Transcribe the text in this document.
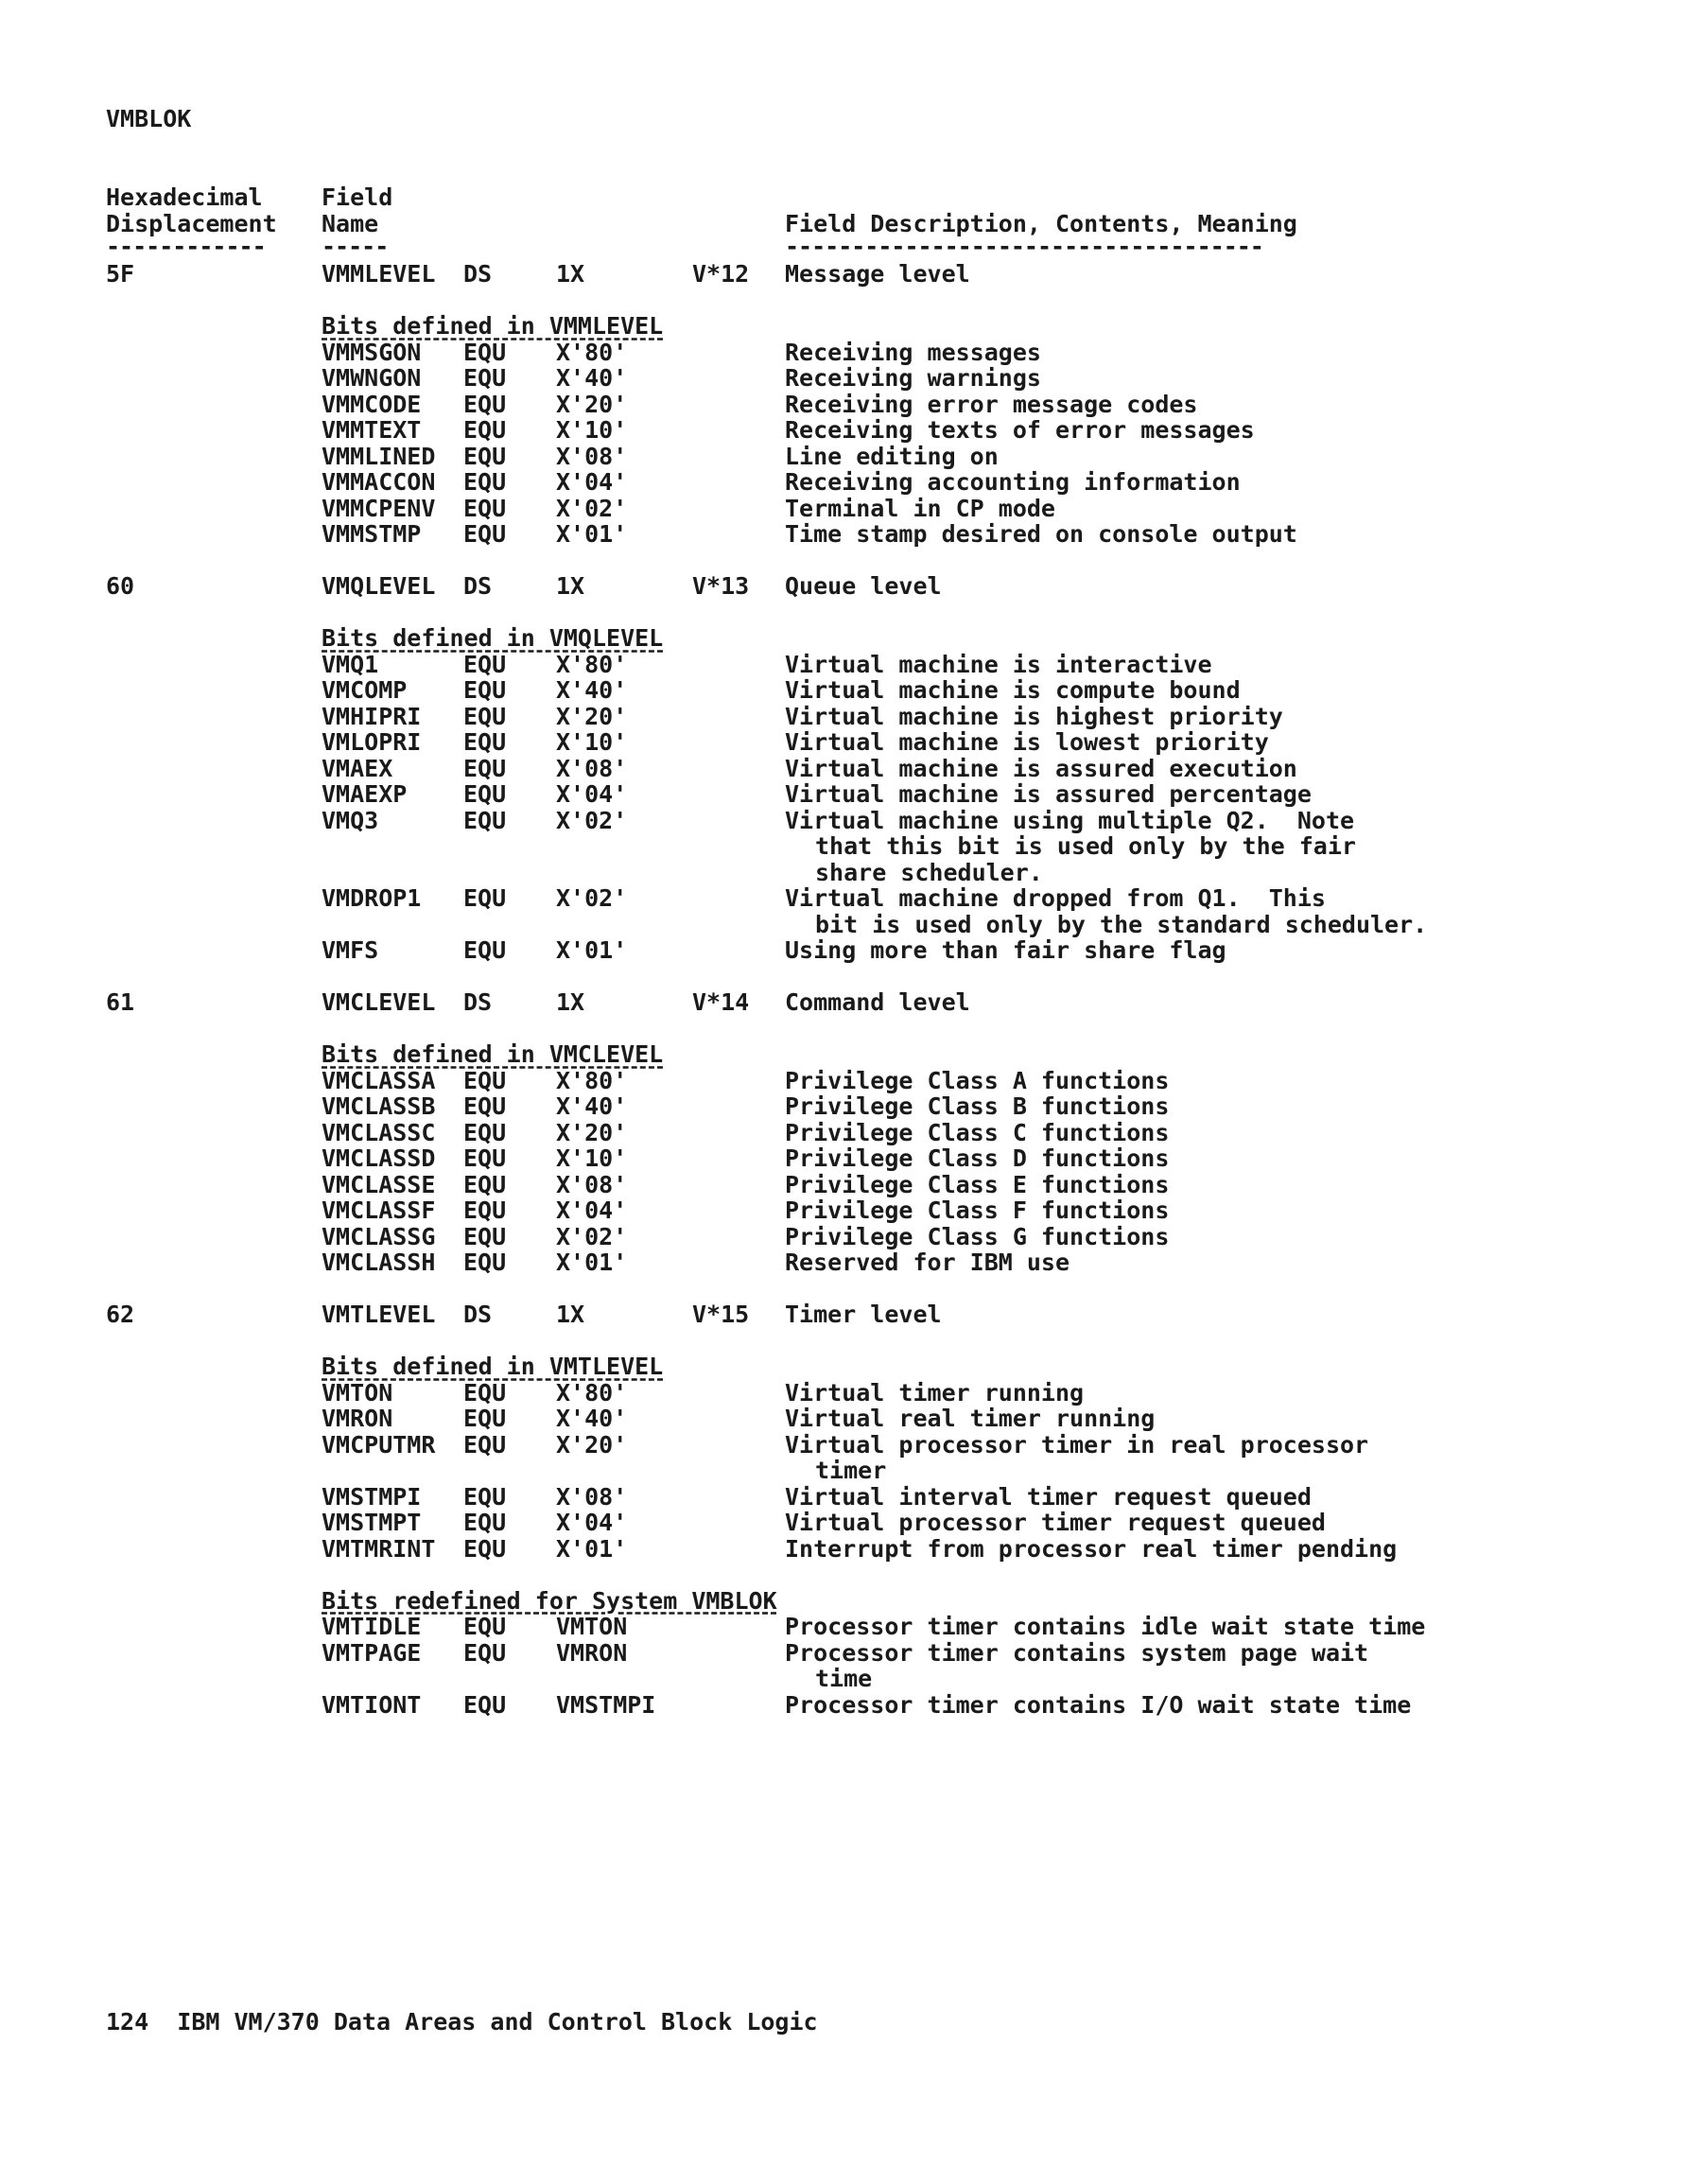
VMBLOK
Hexadecimal
Displacement
Field
Name	Field Description, Contents, Meaning
------------ -----	------------------------------------
5F	VMMLEVEL DS	1X	V*12 Message level
Bits defined in VMMLEVEL
VMMSGON EQU X'80'	Receiving messages
VMWNGON EQU X'40'	Receiving warnings
VMMCODE EQU X'20'	Receiving error message codes
VMMTEXT EQU X'10'	Receiving texts of error messages
VMMLINED EQU X'08'	Line editing on
VMMACCON EQU X'04'	Receiving accounting information
VMMCPENV EQU X'02'	Terminal in CP mode
VMMSTMP EQU X'01'	Time stamp desired on console output
60	VMQLEVEL DS	1X	V*13 Queue level
Bits defined in VMQLEVEL
VMQ1	EQU X'80'	Virtual machine is interactive
VMCOMP EQU X'40'	Virtual machine is compute bound
VMHIPRI EQU X'20'	Virtual machine is highest priority
VMLOPRI EQU X'10'	Virtual machine is lowest priority
VMAEX	EQU X'08'	Virtual machine is assured execution
VMAEXP EQU X'04'	Virtual machine is assured percentage
VMQ3	EQU X'02'	Virtual machine using multiple Q2.  Note
that this bit is used only by the fair
share scheduler.
VMDROP1 EQU X'02'	Virtual machine dropped from Q1.  This
bit is used only by the standard scheduler.
VMFS	EQU X'01'	Using more than fair share flag
61	VMCLEVEL DS	1X	V*14 Command level
Bits defined in VMCLEVEL
VMCLASSA EQU X'80'	Privilege Class A functions
VMCLASSB EQU X'40'	Privilege Class B functions
VMCLASSC EQU X'20'	Privilege Class C functions
VMCLASSD EQU X'10'	Privilege Class D functions
VMCLASSE EQU X'08'	Privilege Class E functions
VMCLASSF EQU X'04'	Privilege Class F functions
VMCLASSG EQU X'02'	Privilege Class G functions
VMCLASSH EQU X'01'	Reserved for IBM use
62	VMTLEVEL DS	1X	V*15 Timer level
Bits defined in VMTLEVEL
VMTON	EQU X'80'	Virtual timer running
VMRON	EQU X'40'	Virtual real timer running
VMCPUTMR EQU X'20'	Virtual processor timer in real processor
timer
VMSTMPI EQU X'08'	Virtual interval timer request queued
VMSTMPT EQU X'04'	Virtual processor timer request queued
VMTMRINT EQU X'01'	Interrupt from processor real timer pending
Bits redefined for System VMBLOK
VMTIDLE EQU VMTON	Processor timer contains idle wait state time
VMTPAGE EQU VMRON	Processor timer contains system page wait
time
VMTIONT EQU VMSTMPI	Processor timer contains I/O wait state time
124 IBM VM/370 Data Areas and Control Block Logic
